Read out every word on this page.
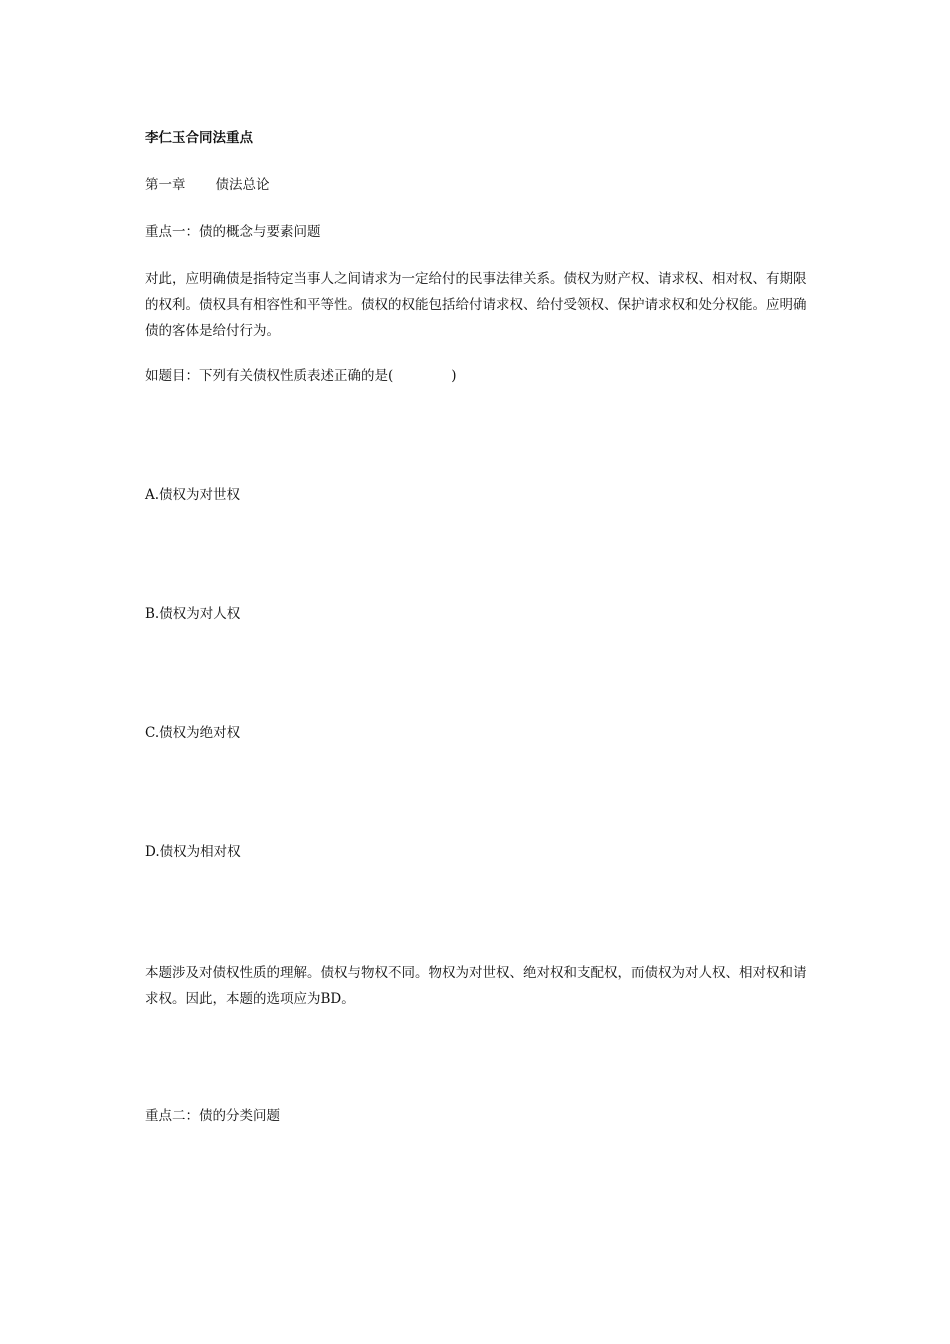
李仁玉合同法重点
第一章 债法总论
重点一：债的概念与要素问题
对此，应明确债是指特定当事人之间请求为一定给付的民事法律关系。债权为财产权、请求权、相对权、有期限的权利。债权具有相容性和平等性。债权的权能包括给付请求权、给付受领权、保护请求权和处分权能。应明确债的客体是给付行为。
如题目：下列有关债权性质表述正确的是(	)
A.债权为对世权
B.债权为对人权
C.债权为绝对权
D.债权为相对权
本题涉及对债权性质的理解。债权与物权不同。物权为对世权、绝对权和支配权，而债权为对人权、相对权和请求权。因此，本题的选项应为BD。
重点二：债的分类问题
